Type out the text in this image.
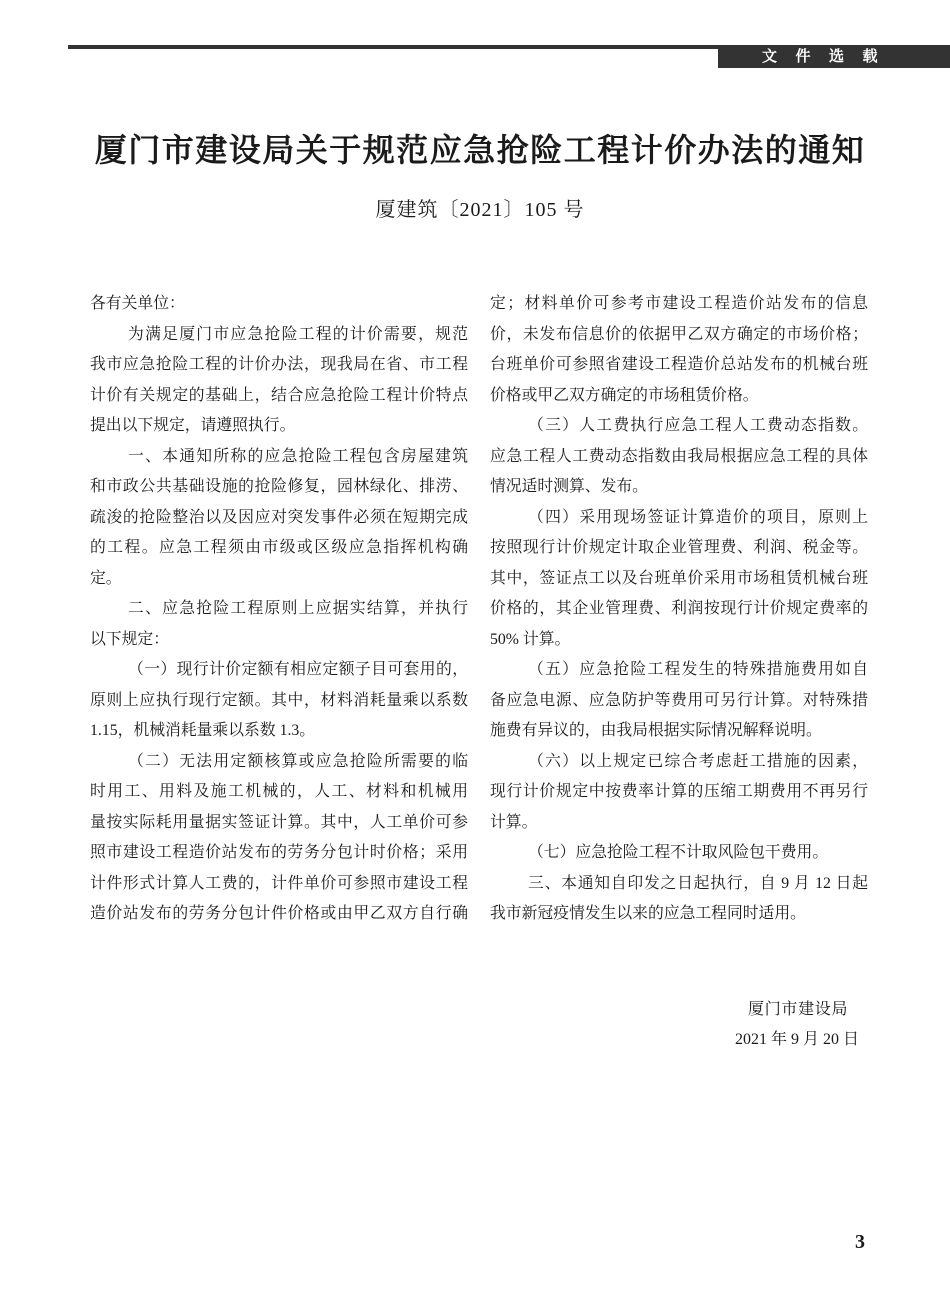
文件选载
厦门市建设局关于规范应急抢险工程计价办法的通知
厦建筑〔2021〕105 号
各有关单位：
为满足厦门市应急抢险工程的计价需要，规范
我市应急抢险工程的计价办法，现我局在省、市工程
计价有关规定的基础上，结合应急抢险工程计价特点
提出以下规定，请遵照执行。
一、本通知所称的应急抢险工程包含房屋建筑
和市政公共基础设施的抢险修复，园林绿化、排涝、
疏浚的抢险整治以及因应对突发事件必须在短期完成
的工程。应急工程须由市级或区级应急指挥机构确
定。
二、应急抢险工程原则上应据实结算，并执行
以下规定：
（一）现行计价定额有相应定额子目可套用的，
原则上应执行现行定额。其中，材料消耗量乘以系数
1.15，机械消耗量乘以系数 1.3。
（二）无法用定额核算或应急抢险所需要的临
时用工、用料及施工机械的，人工、材料和机械用
量按实际耗用量据实签证计算。其中，人工单价可参
照市建设工程造价站发布的劳务分包计时价格；采用
计件形式计算人工费的，计件单价可参照市建设工程
造价站发布的劳务分包计件价格或由甲乙双方自行确
定；材料单价可参考市建设工程造价站发布的信息
价，未发布信息价的依据甲乙双方确定的市场价格；
台班单价可参照省建设工程造价总站发布的机械台班
价格或甲乙双方确定的市场租赁价格。
（三）人工费执行应急工程人工费动态指数。
应急工程人工费动态指数由我局根据应急工程的具体
情况适时测算、发布。
（四）采用现场签证计算造价的项目，原则上
按照现行计价规定计取企业管理费、利润、税金等。
其中，签证点工以及台班单价采用市场租赁机械台班
价格的，其企业管理费、利润按现行计价规定费率的
50% 计算。
（五）应急抢险工程发生的特殊措施费用如自
备应急电源、应急防护等费用可另行计算。对特殊措
施费有异议的，由我局根据实际情况解释说明。
（六）以上规定已综合考虑赶工措施的因素，
现行计价规定中按费率计算的压缩工期费用不再另行
计算。
（七）应急抢险工程不计取风险包干费用。
三、本通知自印发之日起执行，自 9 月 12 日起
我市新冠疫情发生以来的应急工程同时适用。
厦门市建设局
2021 年 9 月 20 日
3
